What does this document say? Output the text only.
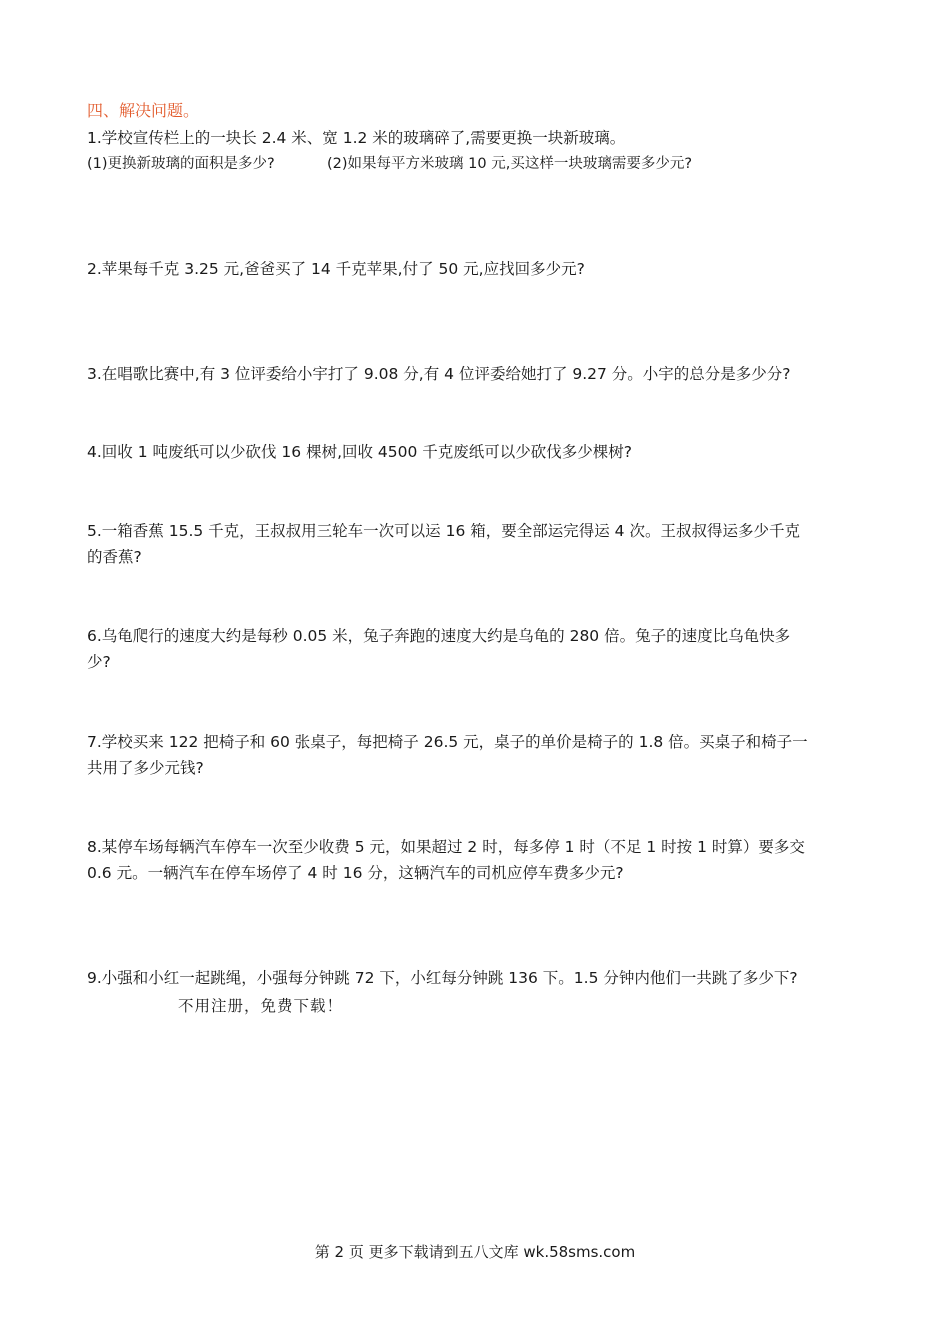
四、解决问题。
1.学校宣传栏上的一块长 2.4 米、宽 1.2 米的玻璃碎了,需要更换一块新玻璃。
(1)更换新玻璃的面积是多少?	(2)如果每平方米玻璃 10 元,买这样一块玻璃需要多少元?
2.苹果每千克 3.25 元,爸爸买了 14 千克苹果,付了 50 元,应找回多少元?
3.在唱歌比赛中,有 3 位评委给小宇打了 9.08 分,有 4 位评委给她打了 9.27 分。小宇的总分是多少分?
4.回收 1 吨废纸可以少砍伐 16 棵树,回收 4500 千克废纸可以少砍伐多少棵树?
5.一箱香蕉 15.5 千克，王叔叔用三轮车一次可以运 16 箱，要全部运完得运 4 次。王叔叔得运多少千克
的香蕉?
6.乌龟爬行的速度大约是每秒 0.05 米，兔子奔跑的速度大约是乌龟的 280 倍。兔子的速度比乌龟快多
少?
7.学校买来 122 把椅子和 60 张桌子，每把椅子 26.5 元，桌子的单价是椅子的 1.8 倍。买桌子和椅子一
共用了多少元钱?
8.某停车场每辆汽车停车一次至少收费 5 元，如果超过 2 时，每多停 1 时（不足 1 时按 1 时算）要多交
0.6 元。一辆汽车在停车场停了 4 时 16 分，这辆汽车的司机应停车费多少元?
9.小强和小红一起跳绳，小强每分钟跳 72 下，小红每分钟跳 136 下。1.5 分钟内他们一共跳了多少下?
不用注册，免费下载！
第 2 页 更多下载请到五八文库 wk.58sms.com
